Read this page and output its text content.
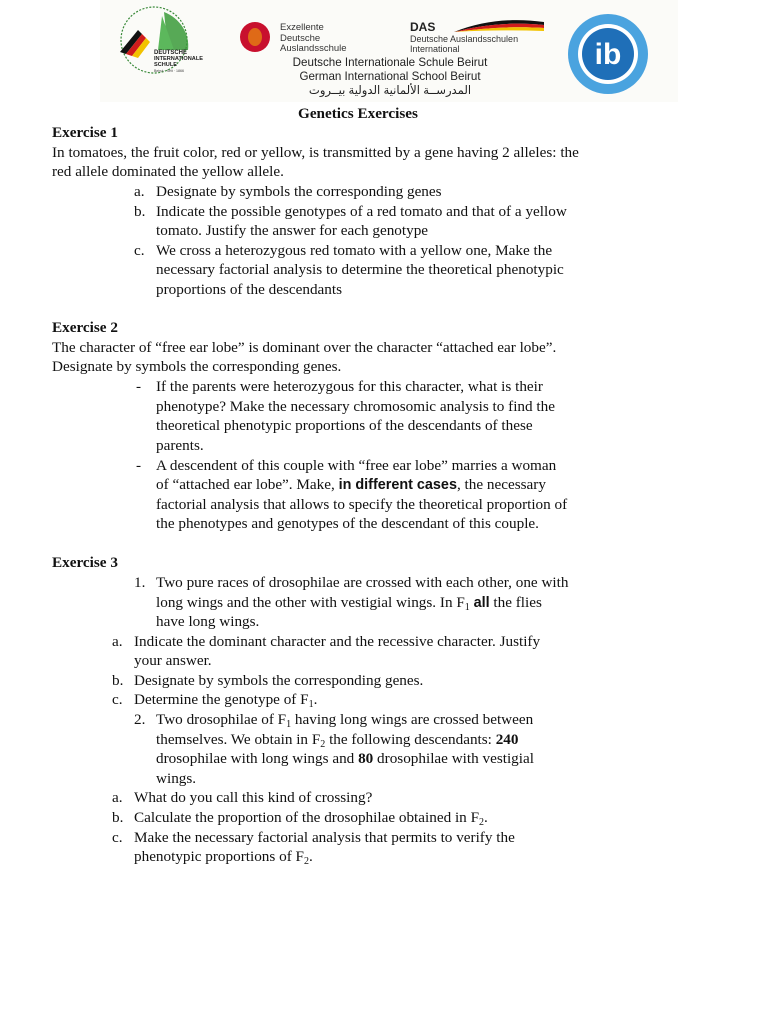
DEUTSCHE
INTERNATIONALE
SCHULE
Beirut · Seit · 1866
Exzellente
Deutsche
Auslandsschule
DAS
Deutsche Auslandsschulen
International	ib
Deutsche Internationale Schule Beirut
German International School Beirut
المدرســة الألمانية الدولية بيــروت
Genetics Exercises
Exercise 1
In tomatoes, the fruit color, red or yellow, is transmitted by a gene having 2 alleles: the
red allele dominated the yellow allele.
a. Designate by symbols the corresponding genes
b. Indicate the possible genotypes of a red tomato and that of a yellow
tomato. Justify the answer for each genotype
c. We cross a heterozygous red tomato with a yellow one, Make the
necessary factorial analysis to determine the theoretical phenotypic
proportions of the descendants
Exercise 2
The character of “free ear lobe” is dominant over the character “attached ear lobe”.
Designate by symbols the corresponding genes.
- If the parents were heterozygous for this character, what is their
phenotype? Make the necessary chromosomic analysis to find the
theoretical phenotypic proportions of the descendants of these
parents.
- A descendent of this couple with “free ear lobe” marries a woman
of “attached ear lobe”. Make, in different cases, the necessary
factorial analysis that allows to specify the theoretical proportion of
the phenotypes and genotypes of the descendant of this couple.
Exercise 3
1. Two pure races of drosophilae are crossed with each other, one with
long wings and the other with vestigial wings. In $F_1$ all the flies
have long wings.
a. Indicate the dominant character and the recessive character. Justify
your answer.
b. Designate by symbols the corresponding genes.
c. Determine the genotype of $F_1$.
2. Two drosophilae of $F_1$ having long wings are crossed between
themselves. We obtain in $F_2$ the following descendants: 240
drosophilae with long wings and 80 drosophilae with vestigial
wings.
a. What do you call this kind of crossing?
b. Calculate the proportion of the drosophilae obtained in $F_2$.
c. Make the necessary factorial analysis that permits to verify the
phenotypic proportions of $F_2$.
